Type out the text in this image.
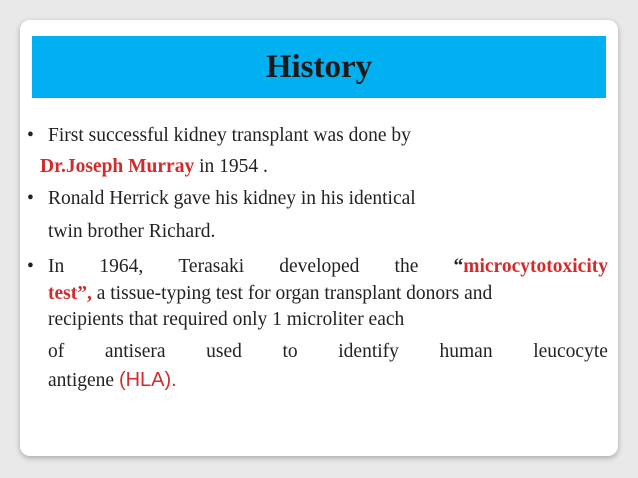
History
• First successful kidney transplant was done by
Dr.Joseph Murray in 1954 .
• Ronald Herrick gave his kidney in his identical
twin brother Richard.
• In 1964, Terasaki developed the “microcytotoxicity
test”, a tissue-typing test for organ transplant donors and
recipients that required only 1 microliter each
of antisera used to identify human leucocyte
antigene (HLA).
